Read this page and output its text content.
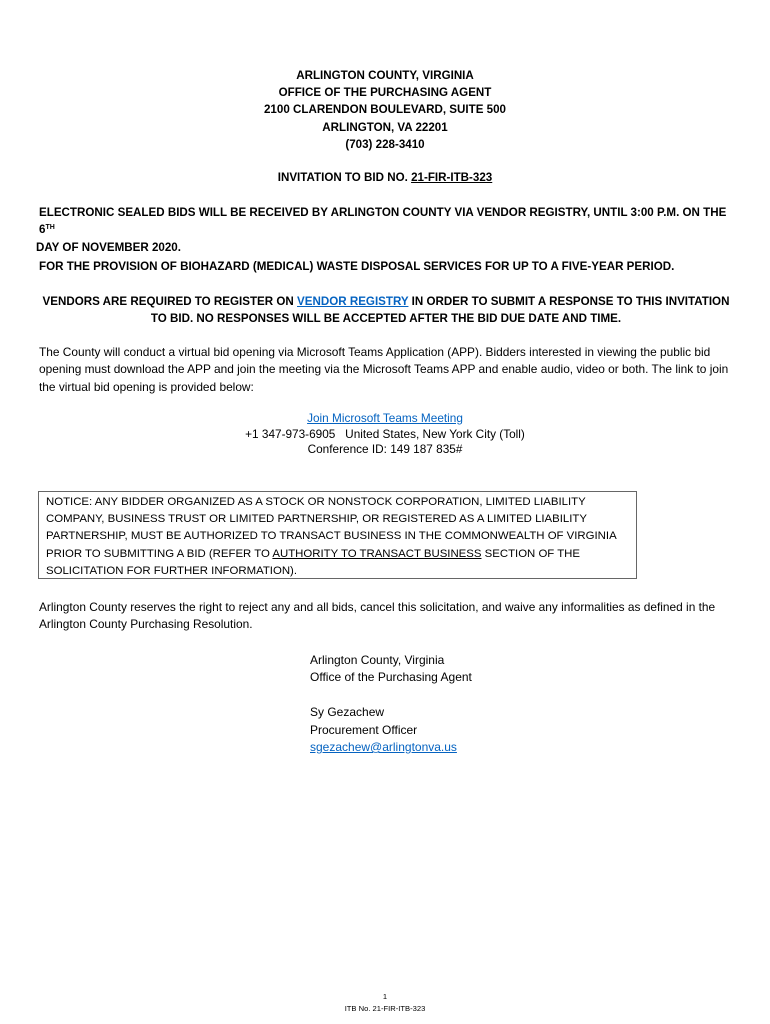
ARLINGTON COUNTY, VIRGINIA
OFFICE OF THE PURCHASING AGENT
2100 CLARENDON BOULEVARD, SUITE 500
ARLINGTON, VA 22201
(703) 228-3410
INVITATION TO BID NO. 21-FIR-ITB-323
ELECTRONIC SEALED BIDS WILL BE RECEIVED BY ARLINGTON COUNTY VIA VENDOR REGISTRY, UNTIL 3:00 P.M. ON THE 6TH
DAY OF NOVEMBER 2020.
FOR THE PROVISION OF BIOHAZARD (MEDICAL) WASTE DISPOSAL SERVICES FOR UP TO A FIVE-YEAR PERIOD.
VENDORS ARE REQUIRED TO REGISTER ON VENDOR REGISTRY IN ORDER TO SUBMIT A RESPONSE TO THIS INVITATION
TO BID. NO RESPONSES WILL BE ACCEPTED AFTER THE BID DUE DATE AND TIME.
The County will conduct a virtual bid opening via Microsoft Teams Application (APP). Bidders interested in viewing the public bid opening must download the APP and join the meeting via the Microsoft Teams APP and enable audio, video or both. The link to join the virtual bid opening is provided below:
Join Microsoft Teams Meeting
+1 347-973-6905   United States, New York City (Toll)
Conference ID: 149 187 835#
NOTICE: ANY BIDDER ORGANIZED AS A STOCK OR NONSTOCK CORPORATION, LIMITED LIABILITY
COMPANY, BUSINESS TRUST OR LIMITED PARTNERSHIP, OR REGISTERED AS A LIMITED LIABILITY
PARTNERSHIP, MUST BE AUTHORIZED TO TRANSACT BUSINESS IN THE COMMONWEALTH OF VIRGINIA
PRIOR TO SUBMITTING A BID (REFER TO AUTHORITY TO TRANSACT BUSINESS SECTION OF THE
SOLICITATION FOR FURTHER INFORMATION).
Arlington County reserves the right to reject any and all bids, cancel this solicitation, and waive any informalities as defined in the Arlington County Purchasing Resolution.
Arlington County, Virginia
Office of the Purchasing Agent
Sy Gezachew
Procurement Officer
sgezachew@arlingtonva.us
1
ITB No. 21-FIR-ITB-323
